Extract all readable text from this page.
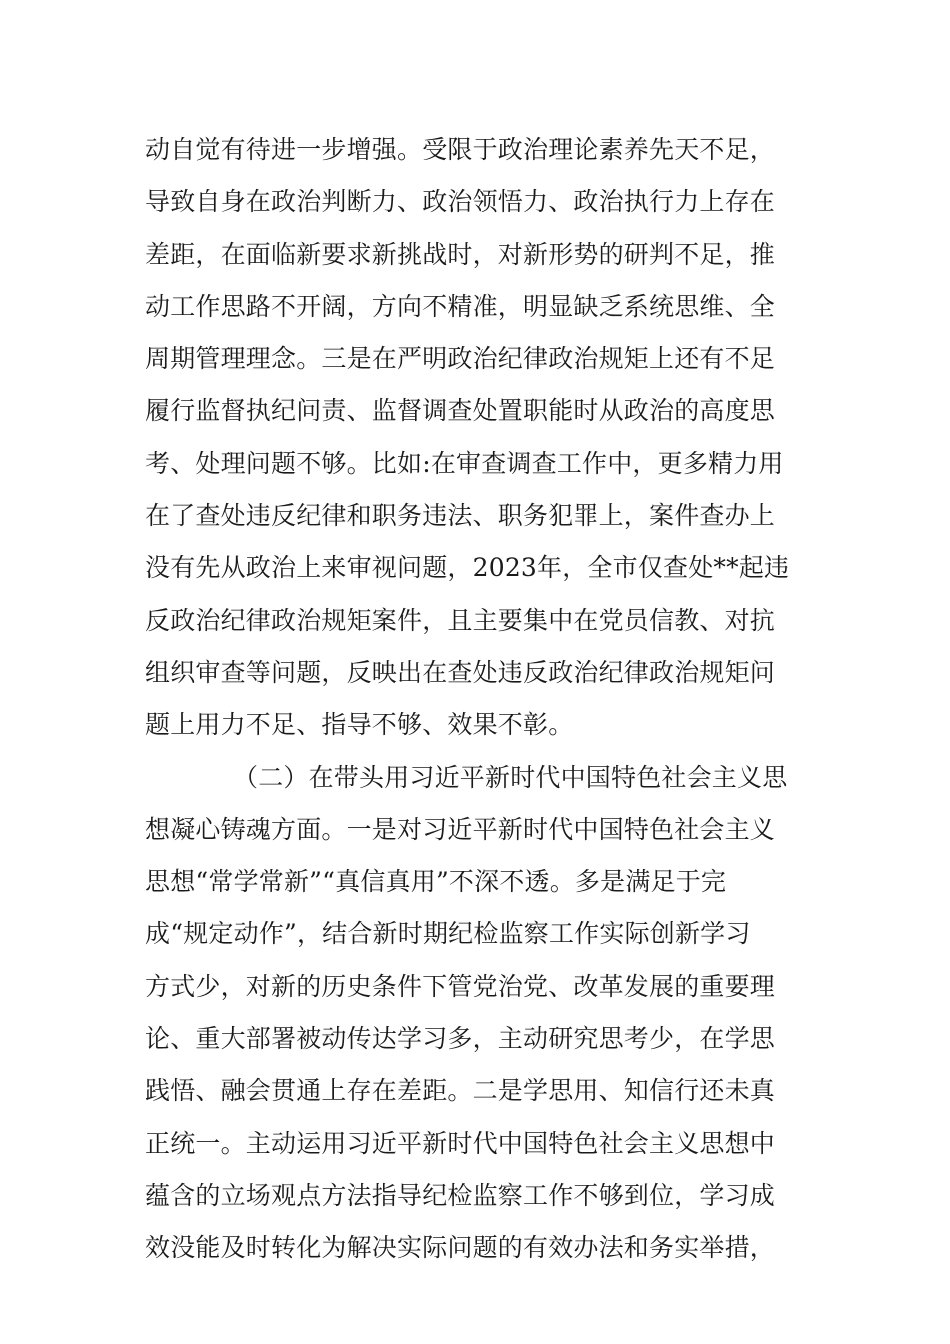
动自觉有待进一步增强。受限于政治理论素养先天不足，
导致自身在政治判断力、政治领悟力、政治执行力上存在
差距，在面临新要求新挑战时，对新形势的研判不足，推
动工作思路不开阔，方向不精准，明显缺乏系统思维、全
周期管理理念。三是在严明政治纪律政治规矩上还有不足
履行监督执纪问责、监督调查处置职能时从政治的高度思
考、处理问题不够。比如:在审查调查工作中，更多精力用
在了查处违反纪律和职务违法、职务犯罪上，案件查办上
没有先从政治上来审视问题，2023年，全市仅查处**起违
反政治纪律政治规矩案件，且主要集中在党员信教、对抗
组织审查等问题，反映出在查处违反政治纪律政治规矩问
题上用力不足、指导不够、效果不彰。
（二）在带头用习近平新时代中国特色社会主义思
想凝心铸魂方面。一是对习近平新时代中国特色社会主义
思想“常学常新”“真信真用”不深不透。多是满足于完
成“规定动作”，结合新时期纪检监察工作实际创新学习
方式少，对新的历史条件下管党治党、改革发展的重要理
论、重大部署被动传达学习多，主动研究思考少，在学思
践悟、融会贯通上存在差距。二是学思用、知信行还未真
正统一。主动运用习近平新时代中国特色社会主义思想中
蕴含的立场观点方法指导纪检监察工作不够到位，学习成
效没能及时转化为解决实际问题的有效办法和务实举措，
